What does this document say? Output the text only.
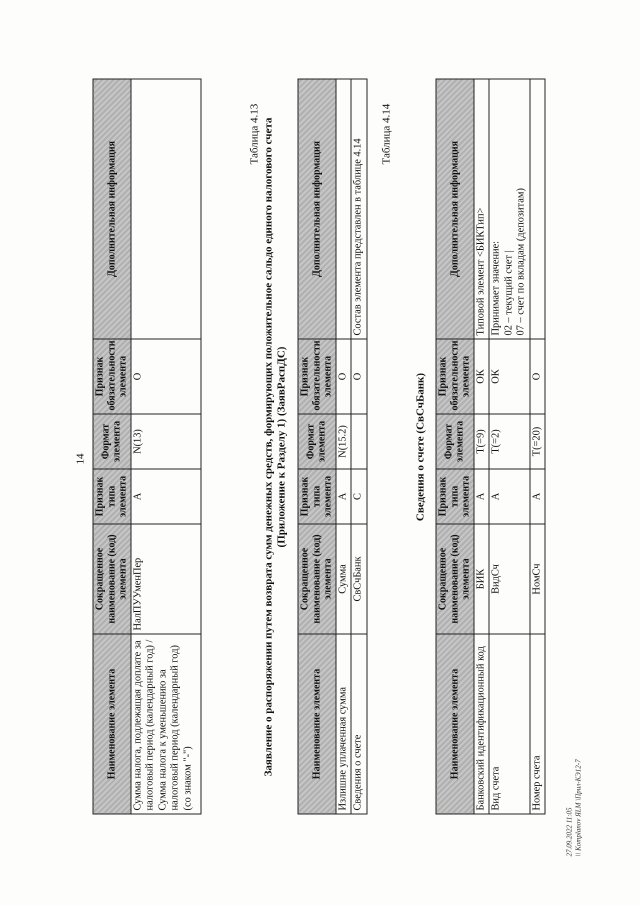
14
Наименование элемента	Сокращенное наименование (код) элемента	Признак типа элемента	Формат элемента	Признак обязательности элемента	Дополнительная информация
Сумма налога, подлежащая доплате за налоговый период (календарный год) / Сумма налога к уменьшению за налоговый период (календарный год) (со знаком "-")	НалПУУменПер	А	N(13)	О	
Таблица 4.13 Заявление о распоряжении путем возврата сумм денежных средств, формирующих положительное сальдо единого налогового счета (Приложение к Разделу 1) (ЗаявРаспДС)
Наименование элемента	Сокращенное наименование (код) элемента	Признак типа элемента	Формат элемента	Признак обязательности элемента	Дополнительная информация
Излишне уплаченная сумма	Сумма	А	N(15.2)	О	
Сведения о счете	СвСчБанк	С		О	Состав элемента представлен в таблице 4.14
Таблица 4.14
Сведения о счете (СвСчБанк)
Наименование элемента	Сокращенное наименование (код) элемента	Признак типа элемента	Формат элемента	Признак обязательности элемента	Дополнительная информация
Банковский идентификационный код	БИК	А	T(=9)	ОК	Типовой элемент <БИКТип>

Вид счета	ВидСч	А	T(=2)	ОК	Принимает значение: 02 – текущий счет | 07 – счет по вкладам (депозитам)

Номер счета	НомСч	А	T(=20)	О	
27.09.2022 11:05 \\ Komplanov ЯLM \Прил-КЭ12-7
